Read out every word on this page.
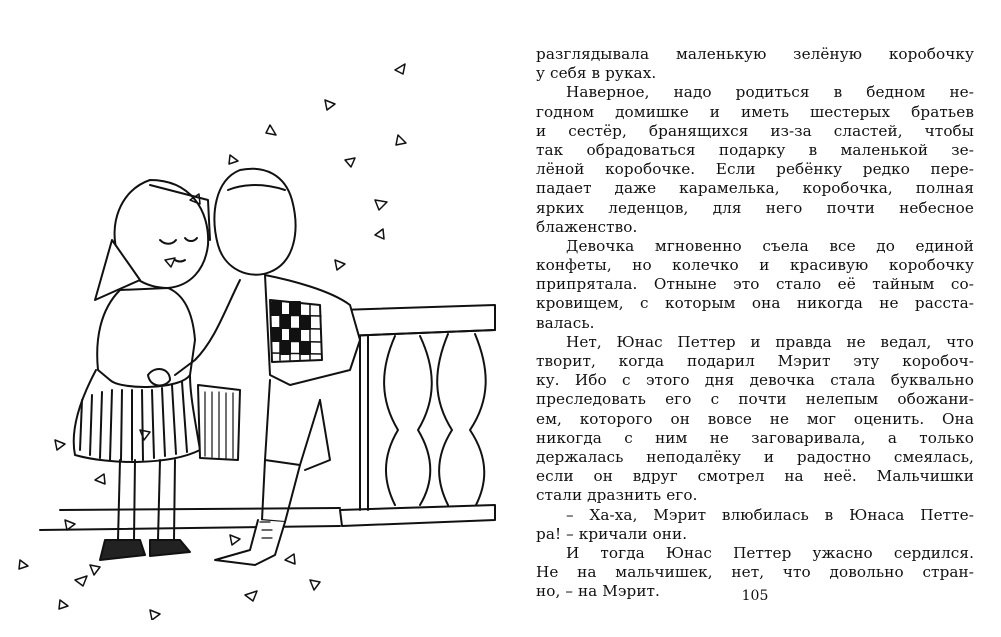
разглядывала маленькую зелёную коробочку
у себя в руках.
Наверное, надо родиться в бедном не-
годном домишке и иметь шестерых братьев
и сестёр, бранящихся из-за сластей, чтобы
так обрадоваться подарку в маленькой зе-
лёной коробочке. Если ребёнку редко пере-
падает даже карамелька, коробочка, полная
ярких леденцов, для него почти небесное
блаженство.
Девочка мгновенно съела все до единой
конфеты, но колечко и красивую коробочку
припрятала. Отныне это стало её тайным со-
кровищем, с которым она никогда не расста-
валась.
Нет, Юнас Петтер и правда не ведал, что
творит, когда подарил Мэрит эту коробоч-
ку. Ибо с этого дня девочка стала буквально
преследовать его с почти нелепым обожани-
ем, которого он вовсе не мог оценить. Она
никогда с ним не заговаривала, а только
держалась неподалёку и радостно смеялась,
если он вдруг смотрел на неё. Мальчишки
стали дразнить его.
– Ха-ха, Мэрит влюбилась в Юнаса Петте-
ра! – кричали они.
И тогда Юнас Петтер ужасно сердился.
Не на мальчишек, нет, что довольно стран-
но, – на Мэрит.	105
